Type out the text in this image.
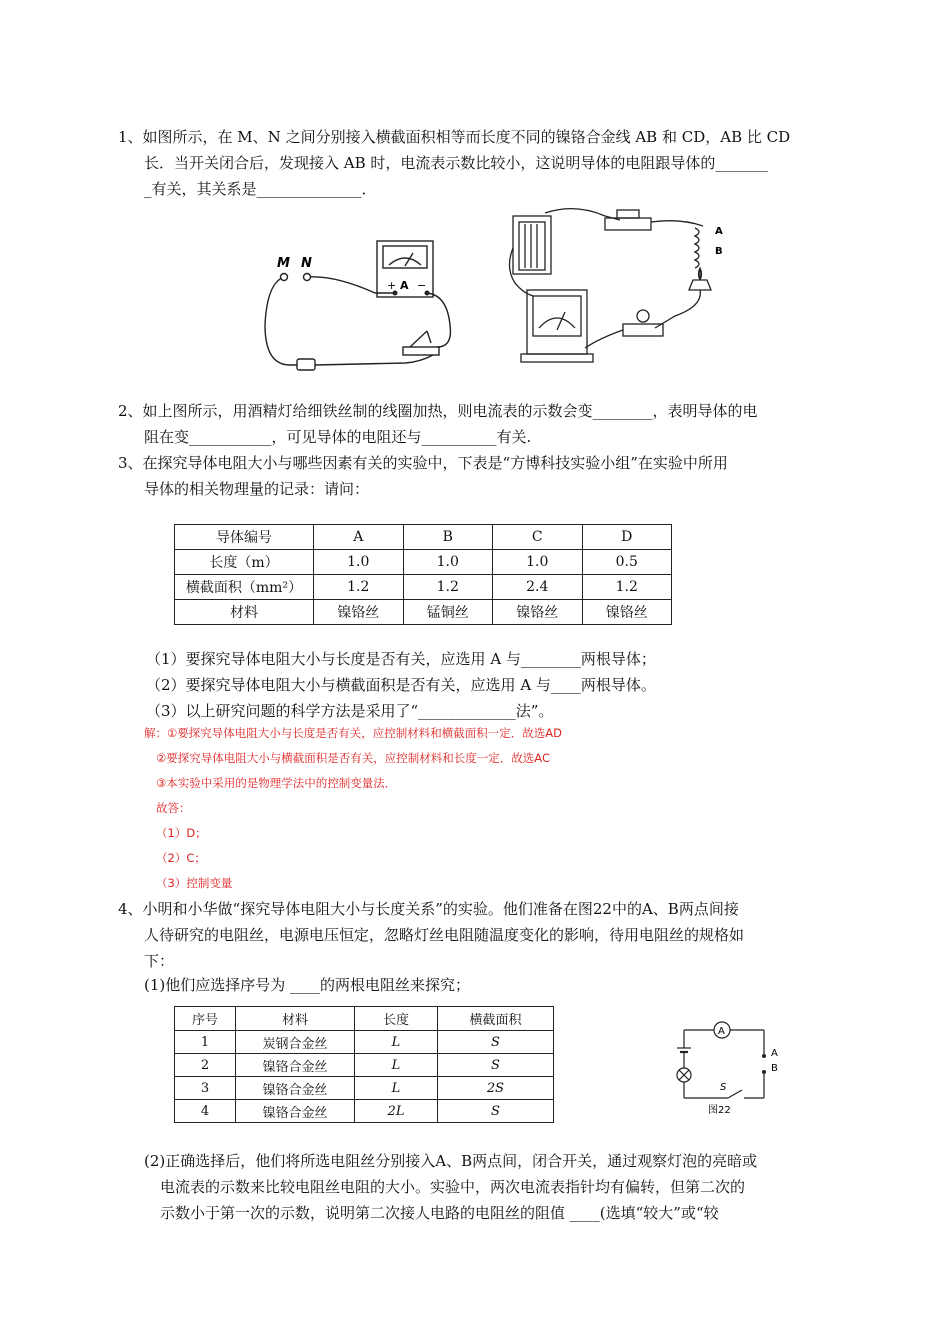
1、如图所示，在 M、N 之间分别接入横截面积相等而长度不同的镍铬合金线 AB 和 CD，AB 比 CD
长．当开关闭合后，发现接入 AB 时，电流表示数比较小，这说明导体的电阻跟导体的_______
_有关，其关系是______________．
M N
A
+ −
A
B
2、如上图所示，用酒精灯给细铁丝制的线圈加热，则电流表的示数会变________，表明导体的电
阻在变___________，可见导体的电阻还与__________有关.
3、在探究导体电阻大小与哪些因素有关的实验中，下表是“方博科技实验小组”在实验中所用
导体的相关物理量的记录：请问：
导体编号	A	B	C	D
长度（m）	1.0	1.0	1.0	0.5
横截面积（mm²）	1.2	1.2	2.4	1.2
材料	镍铬丝	锰铜丝	镍铬丝	镍铬丝
（1）要探究导体电阻大小与长度是否有关，应选用 A 与________两根导体；
（2）要探究导体电阻大小与横截面积是否有关，应选用 A 与____两根导体。
（3）以上研究问题的科学方法是采用了“_____________法”。
解：①要探究导体电阻大小与长度是否有关，应控制材料和横截面积一定．故选AD
②要探究导体电阻大小与横截面积是否有关，应控制材料和长度一定．故选AC
③本实验中采用的是物理学法中的控制变量法．
故答：
（1）D；
（2）C；
（3）控制变量
4、小明和小华做“探究导体电阻大小与长度关系”的实验。他们准备在图22中的A、B两点间接
人待研究的电阻丝，电源电压恒定，忽略灯丝电阻随温度变化的影响，待用电阻丝的规格如
下：
(1)他们应选择序号为 ____的两根电阻丝来探究；
序号	材料	长度	横截面积
1	炭钢合金丝	L	S
2	镍铬合金丝	L	S
3	镍铬合金丝	L	2S
4	镍铬合金丝	2L	S
A
A
B
S
图22
(2)正确选择后，他们将所选电阻丝分别接入A、B两点间，闭合开关，通过观察灯泡的亮暗或
电流表的示数来比较电阻丝电阻的大小。实验中，两次电流表指针均有偏转，但第二次的
示数小于第一次的示数，说明第二次接人电路的电阻丝的阻值 ____(选填“较大”或“较
